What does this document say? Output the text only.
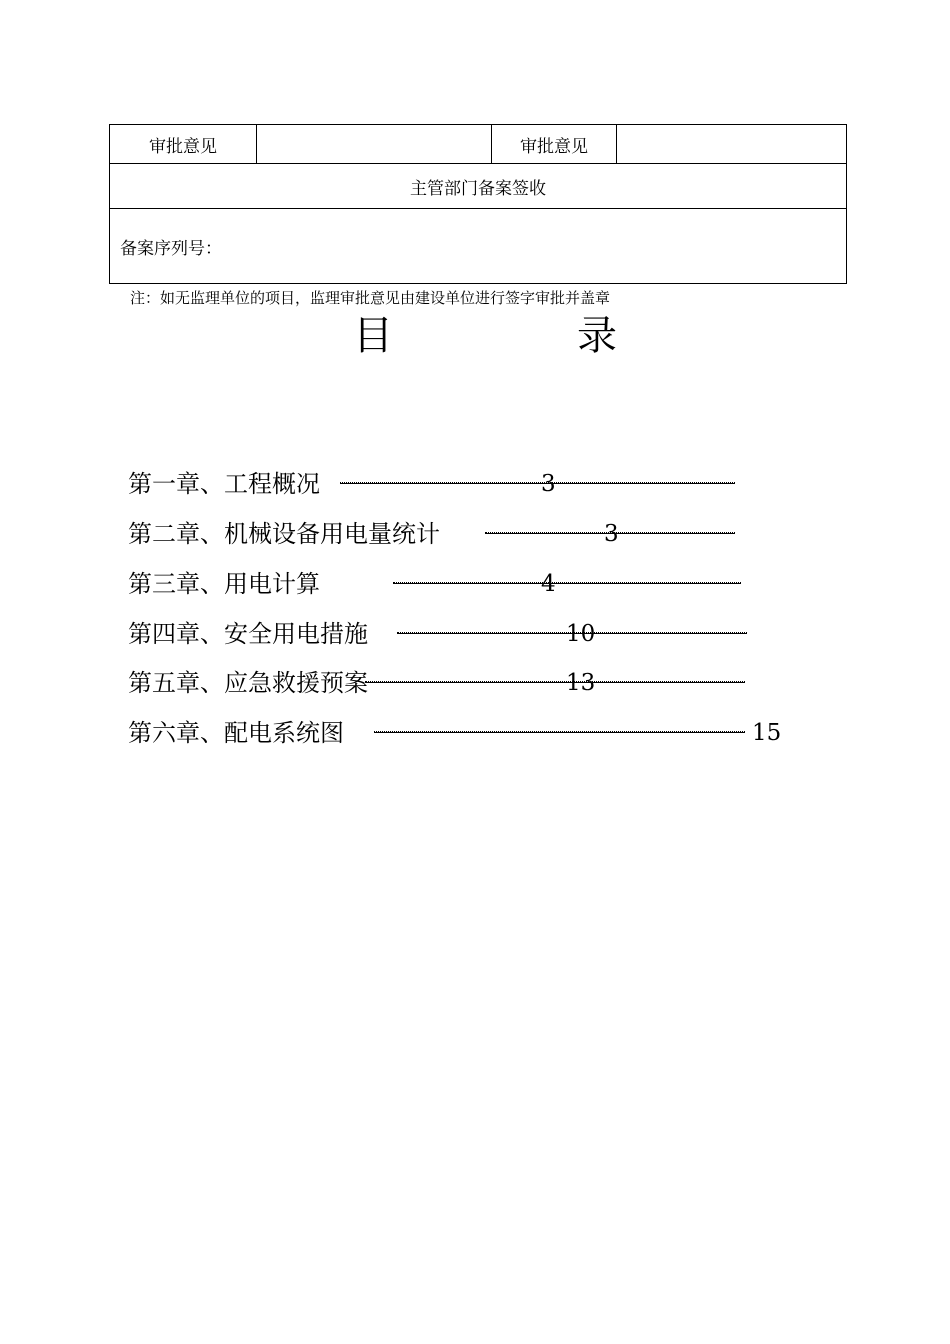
审批意见		审批意见	
主管部门备案签收
备案序列号：
注：如无监理单位的项目，监理审批意见由建设单位进行签字审批并盖章
目	录
第一章、工程概况	3
第二章、机械设备用电量统计	3
第三章、用电计算	4
第四章、安全用电措施	10
第五章、应急救援预案	13
第六章、配电系统图	15
